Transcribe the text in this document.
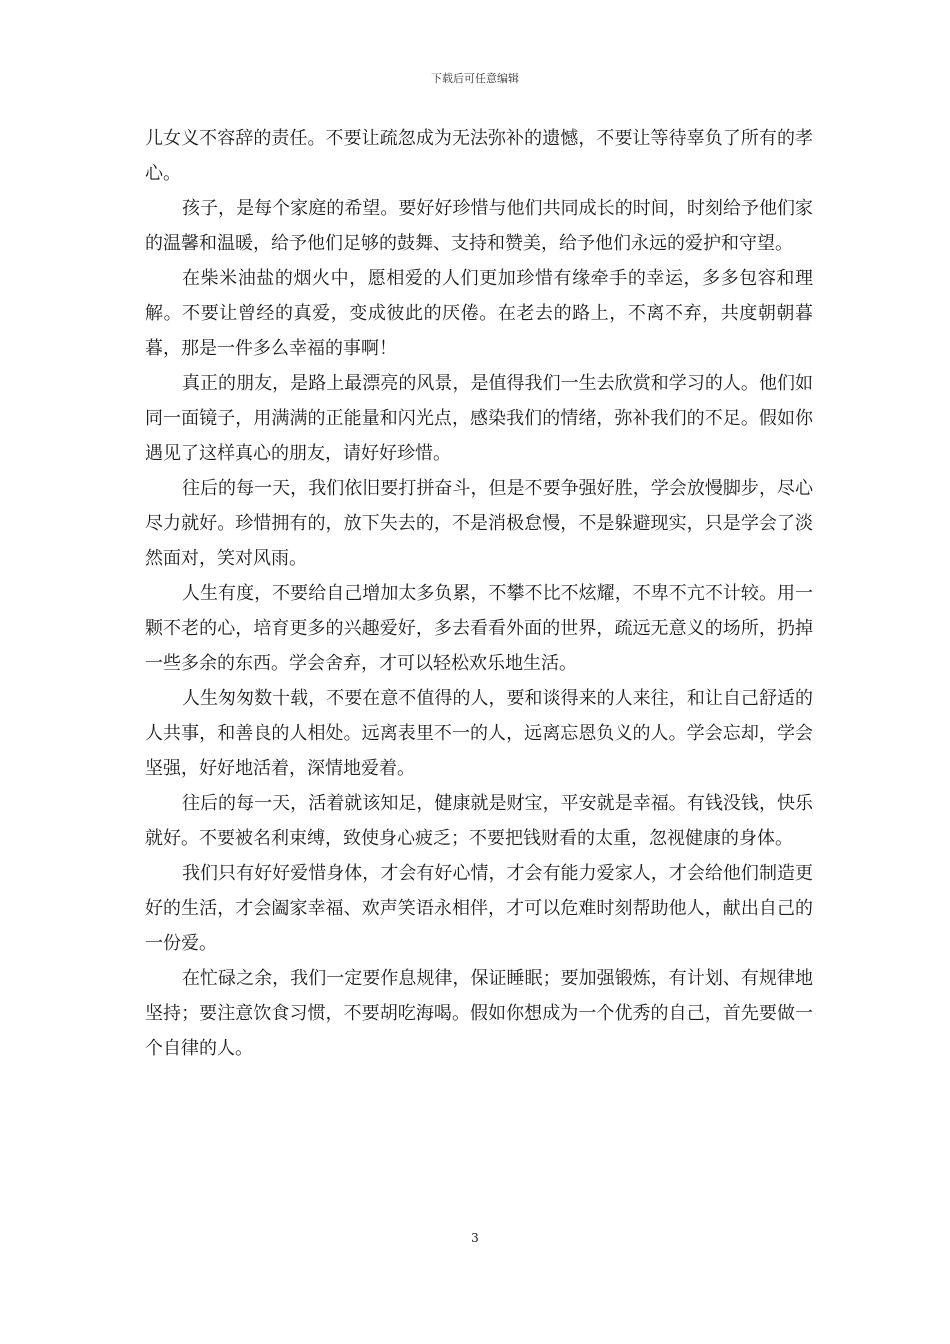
下载后可任意编辑

儿女义不容辞的责任。不要让疏忽成为无法弥补的遗憾，不要让等待辜负了所有的孝心。

孩子，是每个家庭的希望。要好好珍惜与他们共同成长的时间，时刻给予他们家的温馨和温暖，给予他们足够的鼓舞、支持和赞美，给予他们永远的爱护和守望。

在柴米油盐的烟火中，愿相爱的人们更加珍惜有缘牵手的幸运，多多包容和理解。不要让曾经的真爱，变成彼此的厌倦。在老去的路上，不离不弃，共度朝朝暮暮，那是一件多么幸福的事啊！

真正的朋友，是路上最漂亮的风景，是值得我们一生去欣赏和学习的人。他们如同一面镜子，用满满的正能量和闪光点，感染我们的情绪，弥补我们的不足。假如你遇见了这样真心的朋友，请好好珍惜。

往后的每一天，我们依旧要打拼奋斗，但是不要争强好胜，学会放慢脚步，尽心尽力就好。珍惜拥有的，放下失去的，不是消极怠慢，不是躲避现实，只是学会了淡然面对，笑对风雨。

人生有度，不要给自己增加太多负累，不攀不比不炫耀，不卑不亢不计较。用一颗不老的心，培育更多的兴趣爱好，多去看看外面的世界，疏远无意义的场所，扔掉一些多余的东西。学会舍弃，才可以轻松欢乐地生活。

人生匆匆数十载，不要在意不值得的人，要和谈得来的人来往，和让自己舒适的人共事，和善良的人相处。远离表里不一的人，远离忘恩负义的人。学会忘却，学会坚强，好好地活着，深情地爱着。

往后的每一天，活着就该知足，健康就是财宝，平安就是幸福。有钱没钱，快乐就好。不要被名利束缚，致使身心疲乏；不要把钱财看的太重，忽视健康的身体。

我们只有好好爱惜身体，才会有好心情，才会有能力爱家人，才会给他们制造更好的生活，才会阖家幸福、欢声笑语永相伴，才可以危难时刻帮助他人，献出自己的一份爱。

在忙碌之余，我们一定要作息规律，保证睡眠；要加强锻炼，有计划、有规律地坚持；要注意饮食习惯，不要胡吃海喝。假如你想成为一个优秀的自己，首先要做一个自律的人。

3
